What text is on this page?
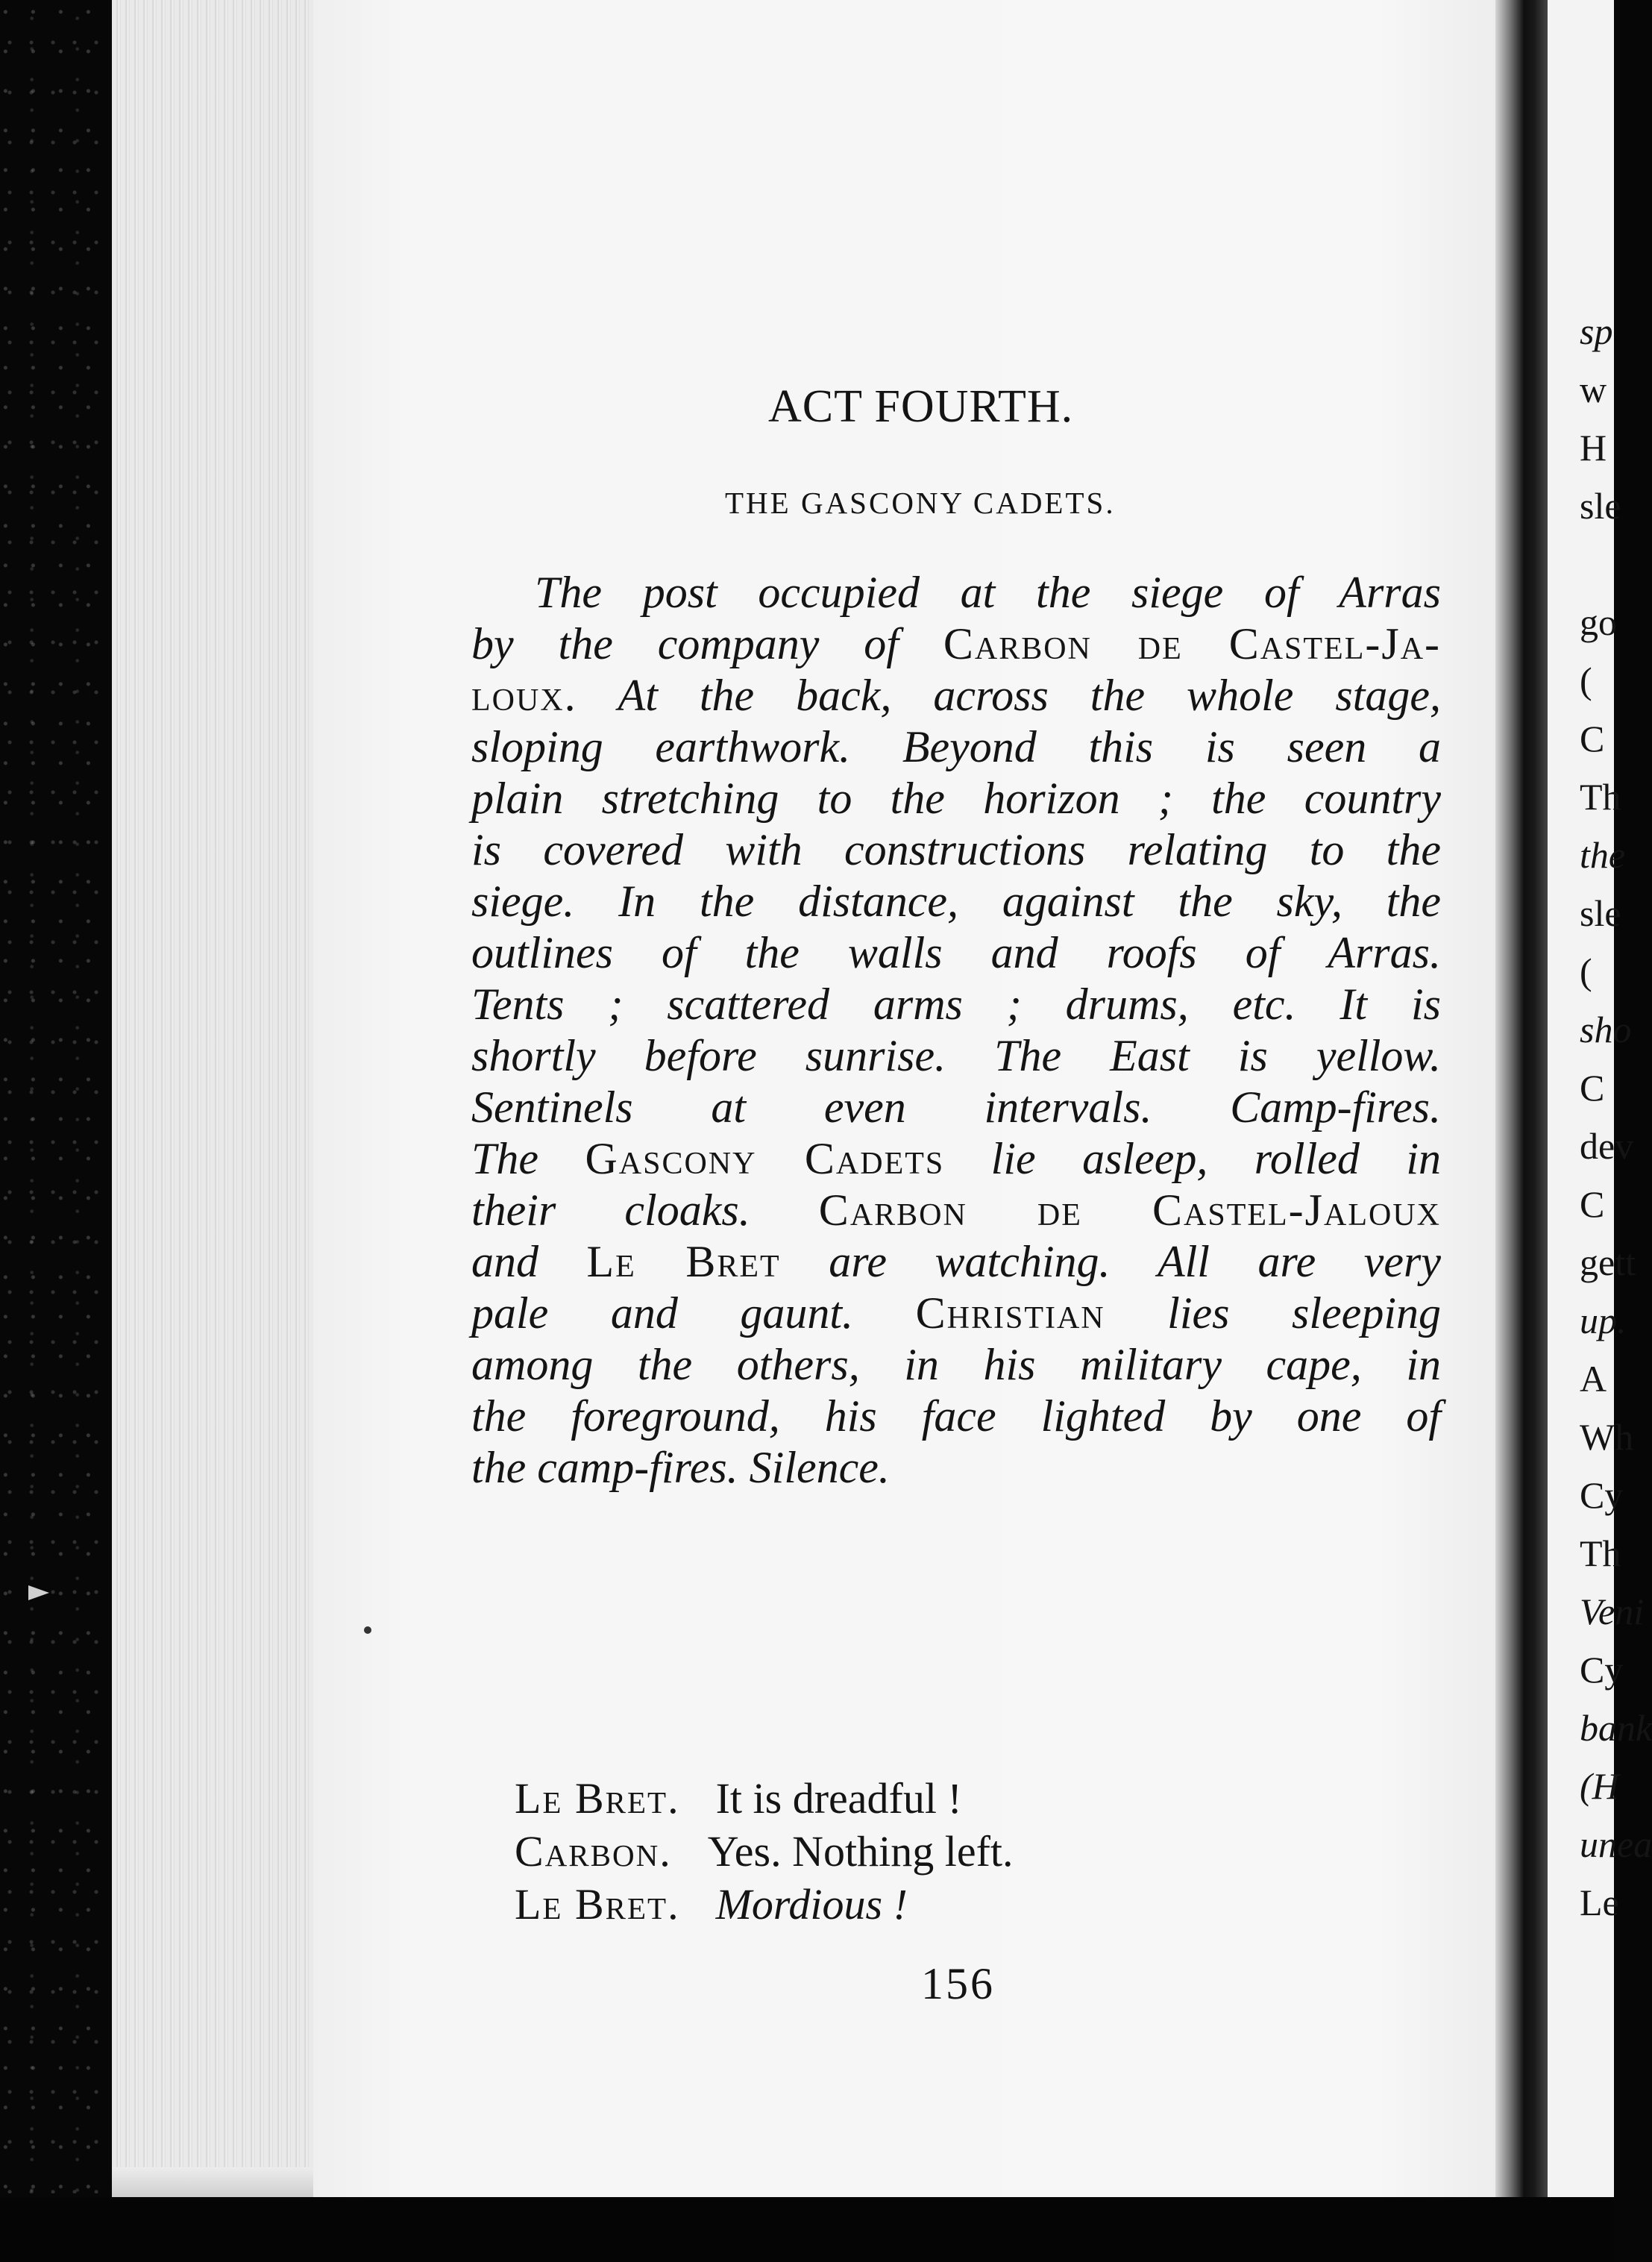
ACT FOURTH.
THE GASCONY CADETS.
The post occupied at the siege of Arras
by the company of Carbon de Castel-Ja-
loux. At the back, across the whole stage,
sloping earthwork. Beyond this is seen a
plain stretching to the horizon ; the country
is covered with constructions relating to the
siege. In the distance, against the sky, the
outlines of the walls and roofs of Arras.
Tents ; scattered arms ; drums, etc. It is
shortly before sunrise. The East is yellow.
Sentinels at even intervals. Camp-fires.
The Gascony Cadets lie asleep, rolled in
their cloaks. Carbon de Castel-Jaloux
and Le Bret are watching. All are very
pale and gaunt. Christian lies sleeping
among the others, in his military cape, in
the foreground, his face lighted by one of
the camp-fires. Silence.
Le Bret. It is dreadful !
Carbon. Yes. Nothing left.
Le Bret. Mordious !
156
sp
w
H
sle
go
(
C
Th
the
sle
(
sho
C
dev
C
gett
up.
A
Wh
Cy
Th
Veni
Cy
bank
(H
unea
Le
